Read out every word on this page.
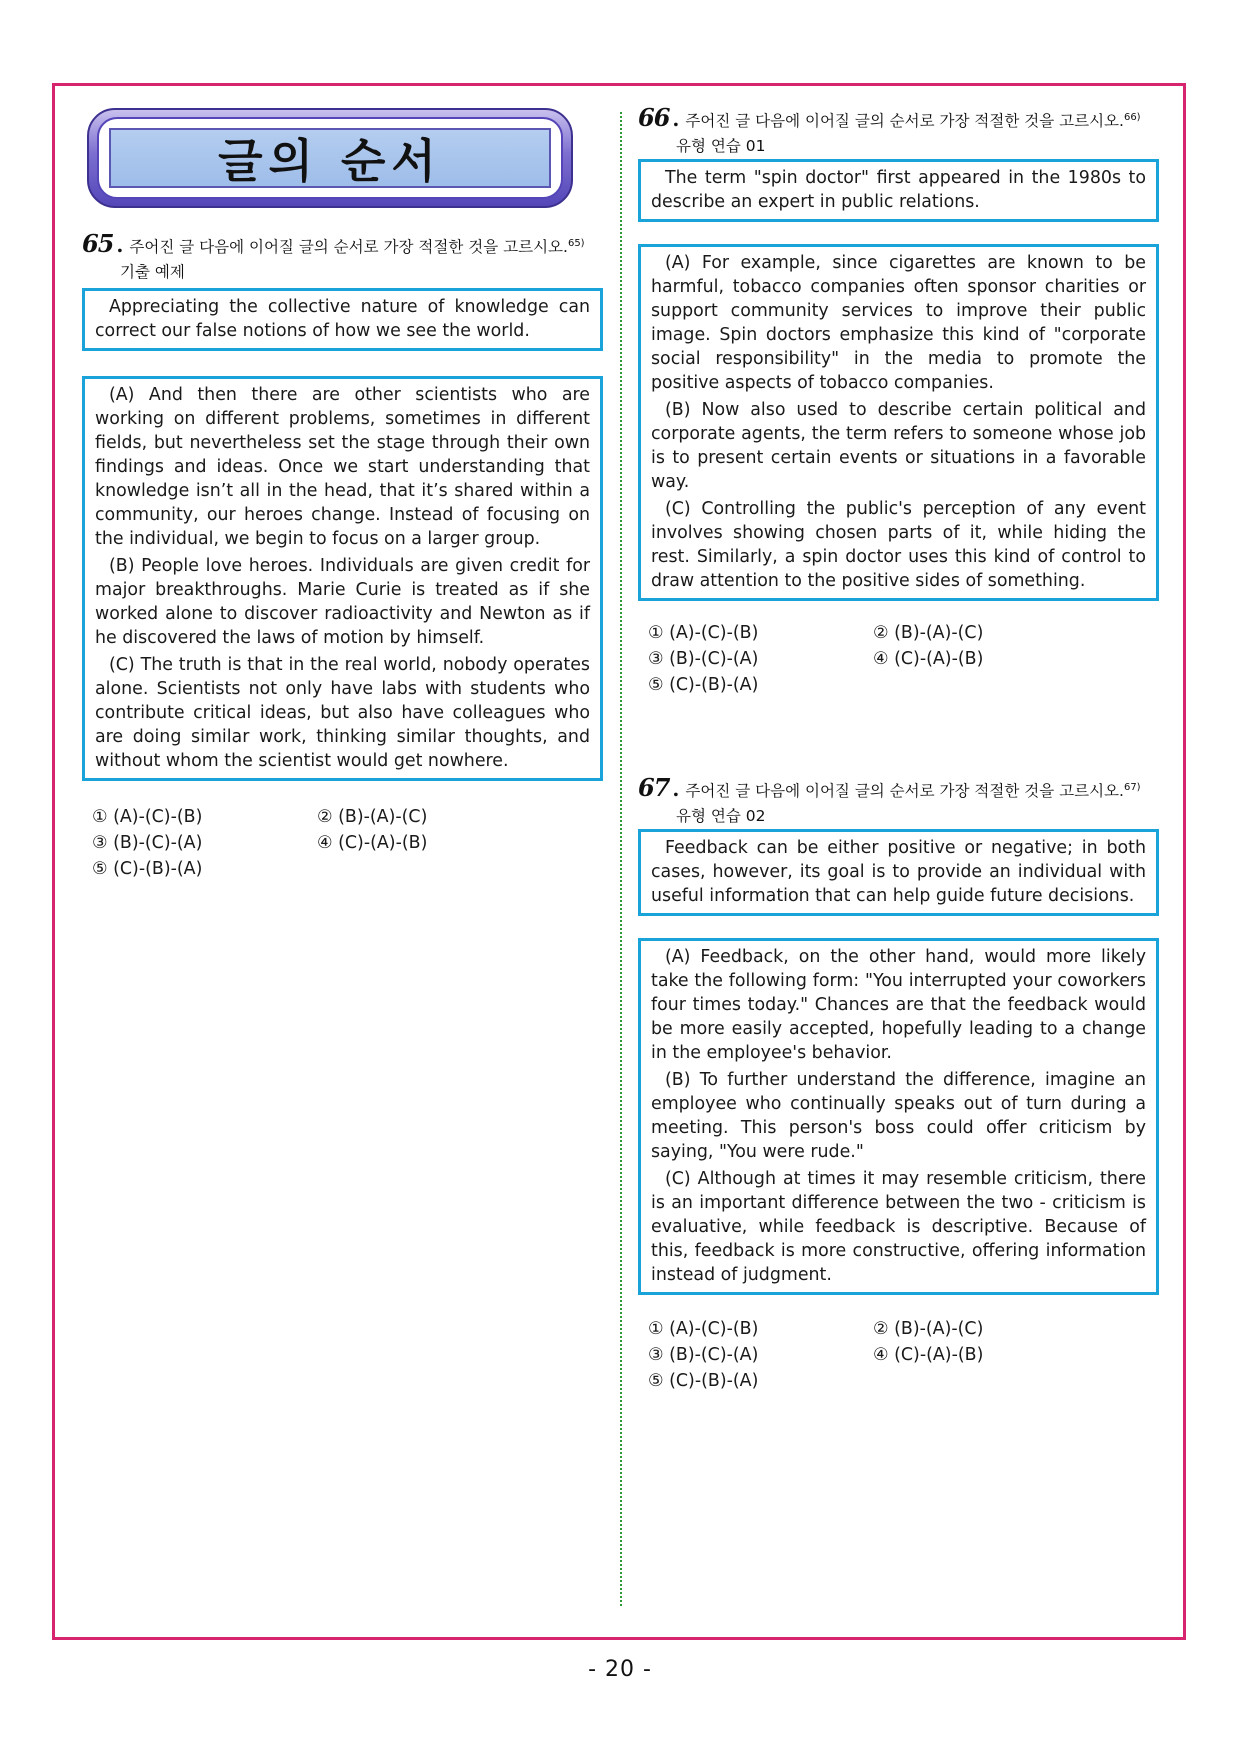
글의 순서
65 . 주어진 글 다음에 이어질 글의 순서로 가장 적절한 것을 고르시오.$^{65)}$
기출 예제

Appreciating the collective nature of knowledge can correct our false notions of how we see the world.

(A) And then there are other scientists who are working on different problems, sometimes in different fields, but nevertheless set the stage through their own findings and ideas. Once we start understanding that knowledge isn’t all in the head, that it’s shared within a community, our heroes change. Instead of focusing on the individual, we begin to focus on a larger group.

(B) People love heroes. Individuals are given credit for major breakthroughs. Marie Curie is treated as if she worked alone to discover radioactivity and Newton as if he discovered the laws of motion by himself.

(C) The truth is that in the real world, nobody operates alone. Scientists not only have labs with students who contribute critical ideas, but also have colleagues who are doing similar work, thinking similar thoughts, and without whom the scientist would get nowhere.

① (A)-(C)-(B)	② (B)-(A)-(C)
③ (B)-(C)-(A)	④ (C)-(A)-(B)
⑤ (C)-(B)-(A)
66 . 주어진 글 다음에 이어질 글의 순서로 가장 적절한 것을 고르시오.$^{66)}$
유형 연습 01

The term "spin doctor" first appeared in the 1980s to describe an expert in public relations.

(A) For example, since cigarettes are known to be harmful, tobacco companies often sponsor charities or support community services to improve their public image. Spin doctors emphasize this kind of "corporate social responsibility" in the media to promote the positive aspects of tobacco companies.

(B) Now also used to describe certain political and corporate agents, the term refers to someone whose job is to present certain events or situations in a favorable way.

(C) Controlling the public's perception of any event involves showing chosen parts of it, while hiding the rest. Similarly, a spin doctor uses this kind of control to draw attention to the positive sides of something.

① (A)-(C)-(B)	② (B)-(A)-(C)
③ (B)-(C)-(A)	④ (C)-(A)-(B)
⑤ (C)-(B)-(A)
67 . 주어진 글 다음에 이어질 글의 순서로 가장 적절한 것을 고르시오.$^{67)}$
유형 연습 02

Feedback can be either positive or negative; in both cases, however, its goal is to provide an individual with useful information that can help guide future decisions.

(A) Feedback, on the other hand, would more likely take the following form: "You interrupted your coworkers four times today." Chances are that the feedback would be more easily accepted, hopefully leading to a change in the employee's behavior.

(B) To further understand the difference, imagine an employee who continually speaks out of turn during a meeting. This person's boss could offer criticism by saying, "You were rude."

(C) Although at times it may resemble criticism, there is an important difference between the two - criticism is evaluative, while feedback is descriptive. Because of this, feedback is more constructive, offering information instead of judgment.

① (A)-(C)-(B)	② (B)-(A)-(C)
③ (B)-(C)-(A)	④ (C)-(A)-(B)
⑤ (C)-(B)-(A)
- 20 -
